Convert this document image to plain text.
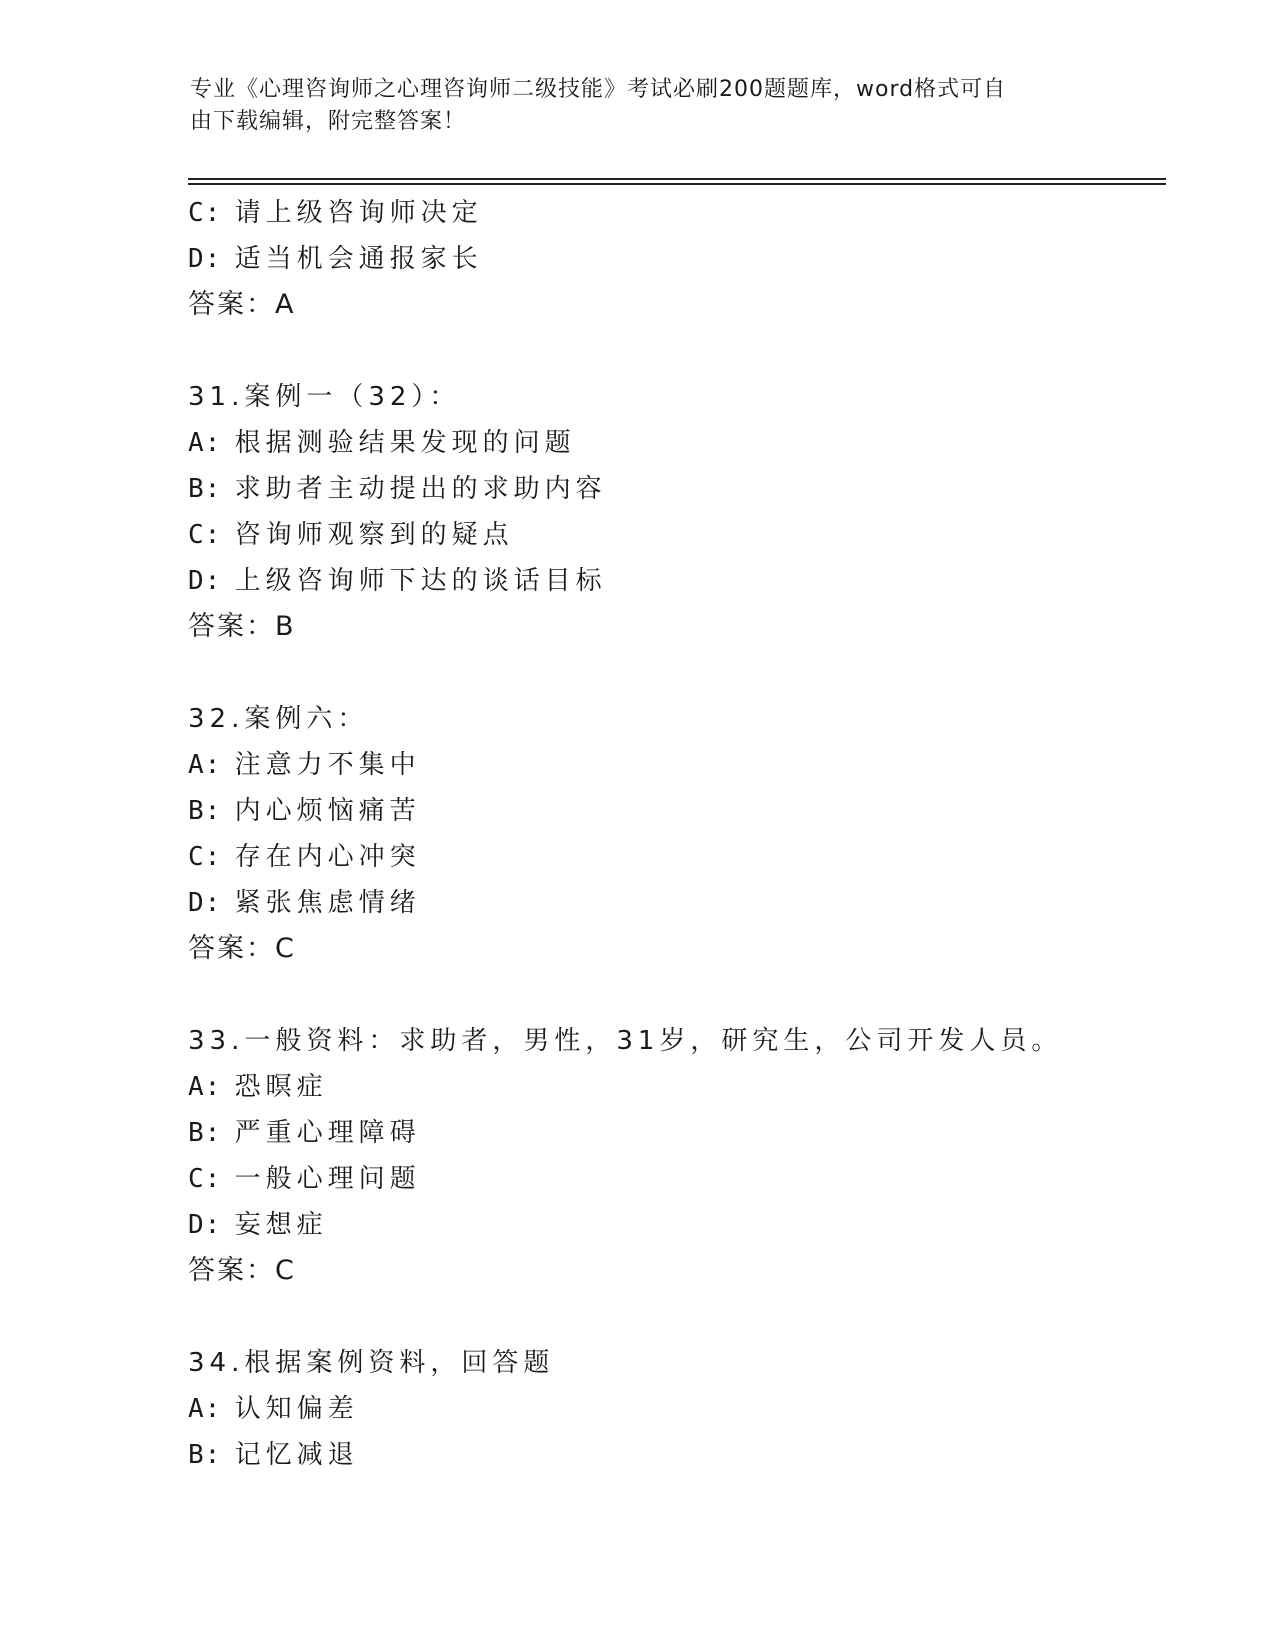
专业《心理咨询师之心理咨询师二级技能》考试必刷200题题库，word格式可自
由下载编辑，附完整答案！
C: 请上级咨询师决定
D: 适当机会通报家长
答案：A
31.案例一（32）：
A: 根据测验结果发现的问题
B: 求助者主动提出的求助内容
C: 咨询师观察到的疑点
D: 上级咨询师下达的谈话目标
答案：B
32.案例六：
A: 注意力不集中
B: 内心烦恼痛苦
C: 存在内心冲突
D: 紧张焦虑情绪
答案：C
33.一般资料：求助者，男性，31岁，研究生，公司开发人员。
A: 恐暝症
B: 严重心理障碍
C: 一般心理问题
D: 妄想症
答案：C
34.根据案例资料，回答题
A: 认知偏差
B: 记忆减退
